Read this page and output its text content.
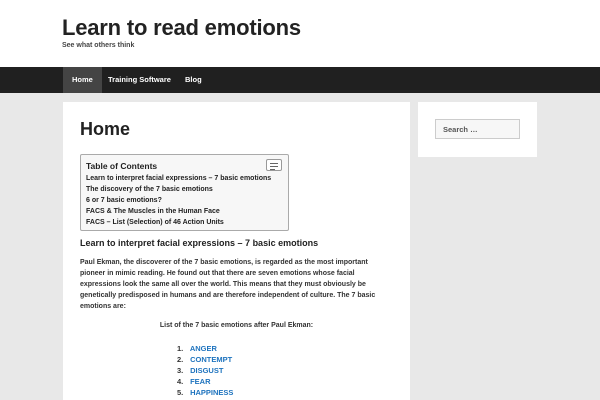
Learn to read emotions
See what others think
Home	Training Software	Blog
Home
Table of Contents
Learn to interpret facial expressions – 7 basic emotions
The discovery of the 7 basic emotions
6 or 7 basic emotions?
FACS & The Muscles in the Human Face
FACS – List (Selection) of 46 Action Units
Learn to interpret facial expressions – 7 basic emotions

Paul Ekman, the discoverer of the 7 basic emotions, is regarded as the most important pioneer in mimic reading. He found out that there are seven emotions whose facial expressions look the same all over the world. This means that they must obviously be genetically predisposed in humans and are therefore independent of culture. The 7 basic emotions are:

List of the 7 basic emotions after Paul Ekman:

1. ANGER
2. CONTEMPT
3. DISGUST
4. FEAR
5. HAPPINESS
Search …
